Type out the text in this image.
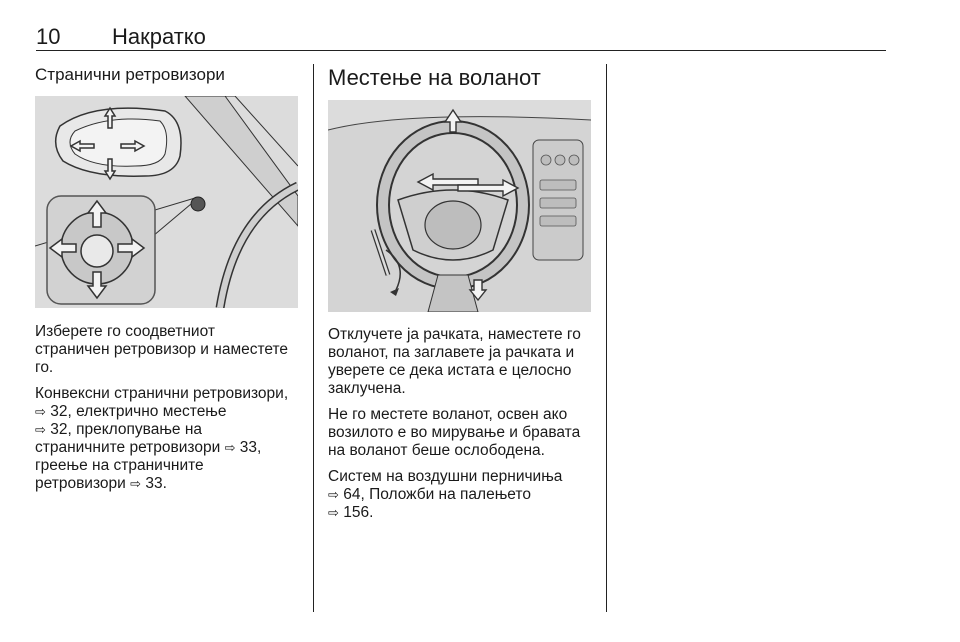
10 Накратко
Странични ретровизори

Изберете го соодветниот
страничен ретровизор и наместете
го.

Конвексни странични ретровизори,
⇨ 32, електрично местење
⇨ 32, преклопување на
страничните ретровизори ⇨ 33,
греење на страничните
ретровизори ⇨ 33.

Местење на воланот

Отклучете ја рачката, наместете го
воланот, па заглавете ја рачката и
уверете се дека истата е целосно
заклучена.

Не го местете воланот, освен ако
возилото е во мирување и бравата
на воланот беше ослободена.

Систем на воздушни перничиња
⇨ 64, Положби на палењето
⇨ 156.
